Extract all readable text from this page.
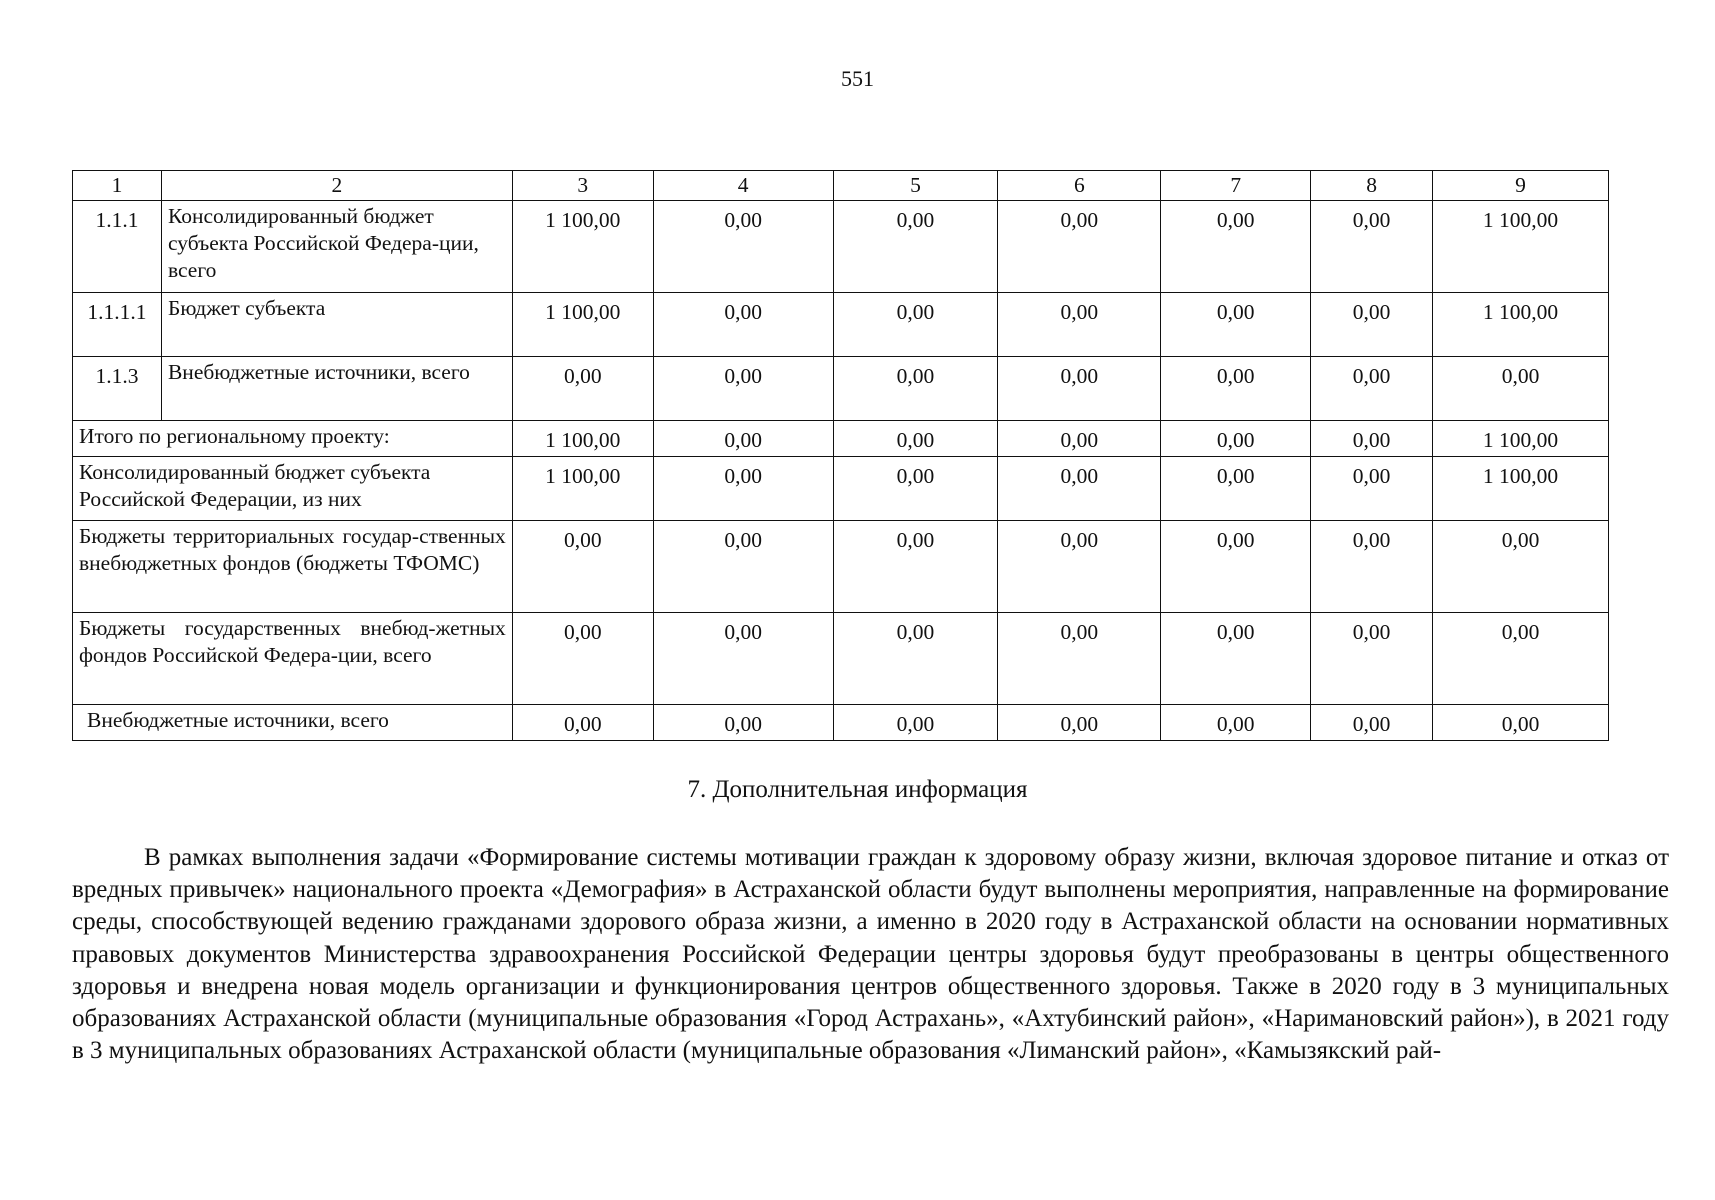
551
1	2	3	4	5	6	7	8	9
1.1.1	Консолидированный бюджет субъекта Российской Федера-ции, всего	1 100,00	0,00	0,00	0,00	0,00	0,00	1 100,00
1.1.1.1	Бюджет субъекта	1 100,00	0,00	0,00	0,00	0,00	0,00	1 100,00
1.1.3	Внебюджетные источники, всего	0,00	0,00	0,00	0,00	0,00	0,00	0,00
Итого по региональному проекту:		1 100,00	0,00	0,00	0,00	0,00	0,00	1 100,00
Консолидированный бюджет субъекта Российской Федерации, из них		1 100,00	0,00	0,00	0,00	0,00	0,00	1 100,00
Бюджеты территориальных государ-ственных внебюджетных фондов (бюджеты ТФОМС)		0,00	0,00	0,00	0,00	0,00	0,00	0,00
Бюджеты государственных внебюд-жетных фондов Российской Федера-ции, всего		0,00	0,00	0,00	0,00	0,00	0,00	0,00
Внебюджетные источники, всего		0,00	0,00	0,00	0,00	0,00	0,00	0,00
7. Дополнительная информация

В рамках выполнения задачи «Формирование системы мотивации граждан к здоровому образу жизни, включая здоровое питание и отказ от вредных привычек» национального проекта «Демография» в Астраханской области будут выполнены мероприятия, направленные на формирование среды, способствующей ведению гражданами здорового образа жизни, а именно в 2020 году в Астраханской области на основании нормативных правовых документов Министерства здравоохранения Российской Федерации центры здоровья будут преобразованы в центры общественного здоровья и внедрена новая модель организации и функционирования центров общественного здоровья. Также в 2020 году в 3 муниципальных образованиях Астраханской области (муниципальные образования «Город Астрахань», «Ахтубинский район», «Наримановский район»), в 2021 году в 3 муниципальных образованиях Астраханской области (муниципальные образования «Лиманский район», «Камызякский рай-
